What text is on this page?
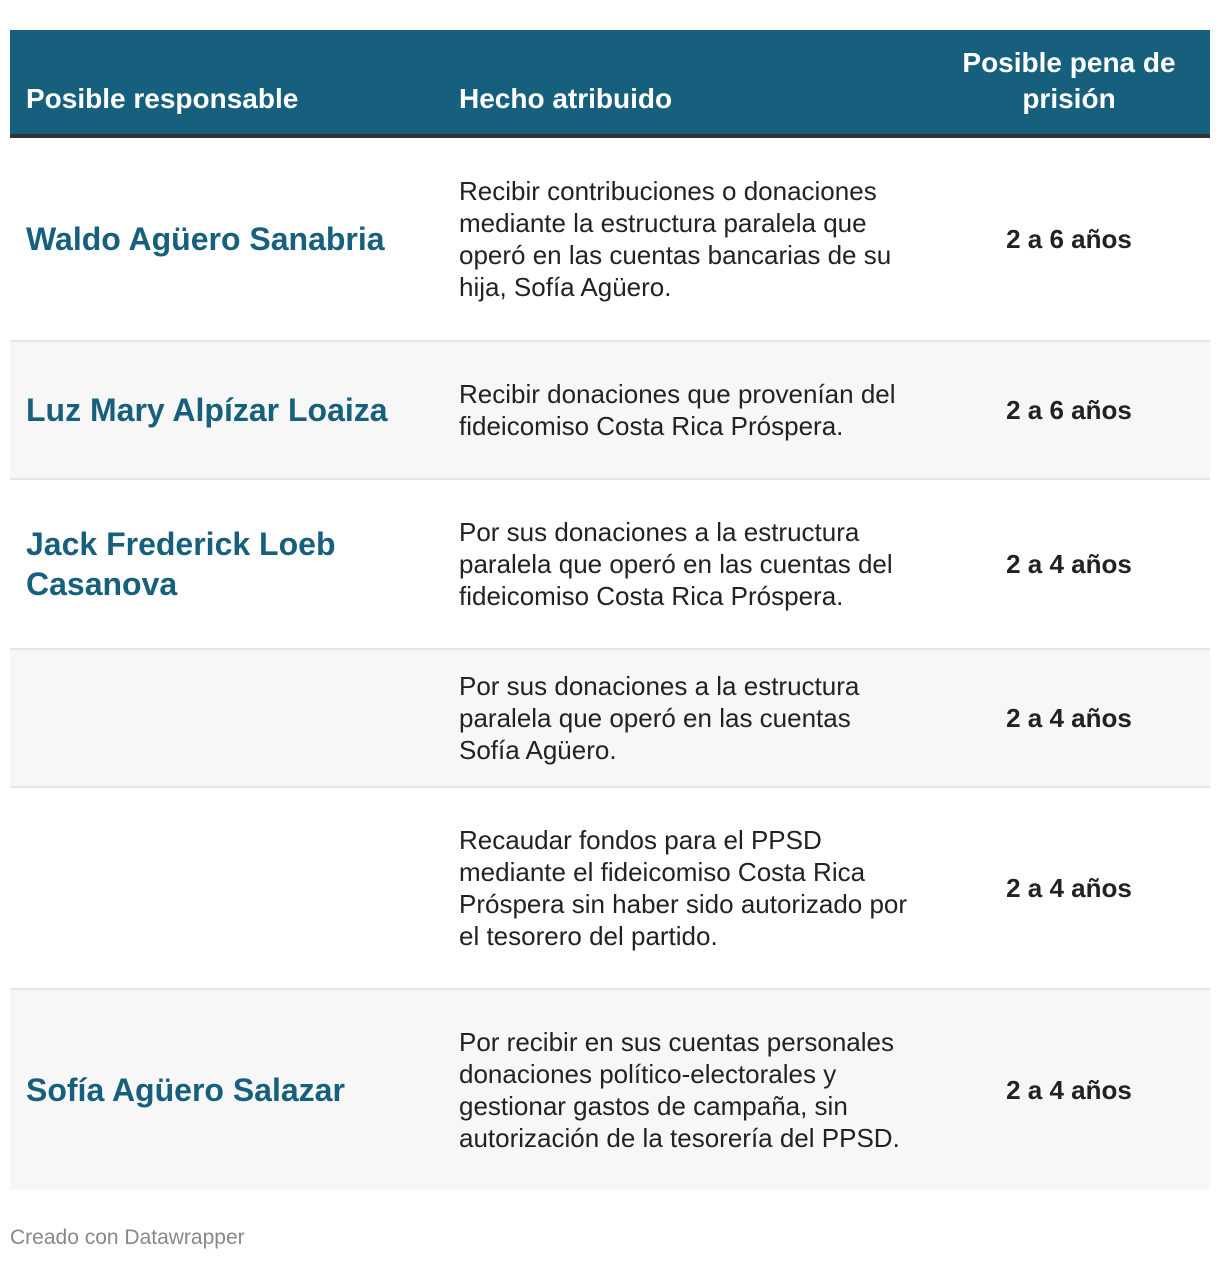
Posible responsable	Hecho atribuido
Posible pena de prisión
Waldo Agüero Sanabria
Recibir contribuciones o donaciones mediante la estructura paralela que operó en las cuentas bancarias de su hija, Sofía Agüero.
2 a 6 años
Luz Mary Alpízar Loaiza	Recibir donaciones que provenían del fideicomiso Costa Rica Próspera.
2 a 6 años
Jack Frederick Loeb Casanova
Por sus donaciones a la estructura paralela que operó en las cuentas del fideicomiso Costa Rica Próspera.
2 a 4 años
Por sus donaciones a la estructura paralela que operó en las cuentas Sofía Agüero.
2 a 4 años
Recaudar fondos para el PPSD mediante el fideicomiso Costa Rica Próspera sin haber sido autorizado por el tesorero del partido.
2 a 4 años
Sofía Agüero Salazar
Por recibir en sus cuentas personales donaciones político-electorales y gestionar gastos de campaña, sin autorización de la tesorería del PPSD.
2 a 4 años
Creado con Datawrapper
